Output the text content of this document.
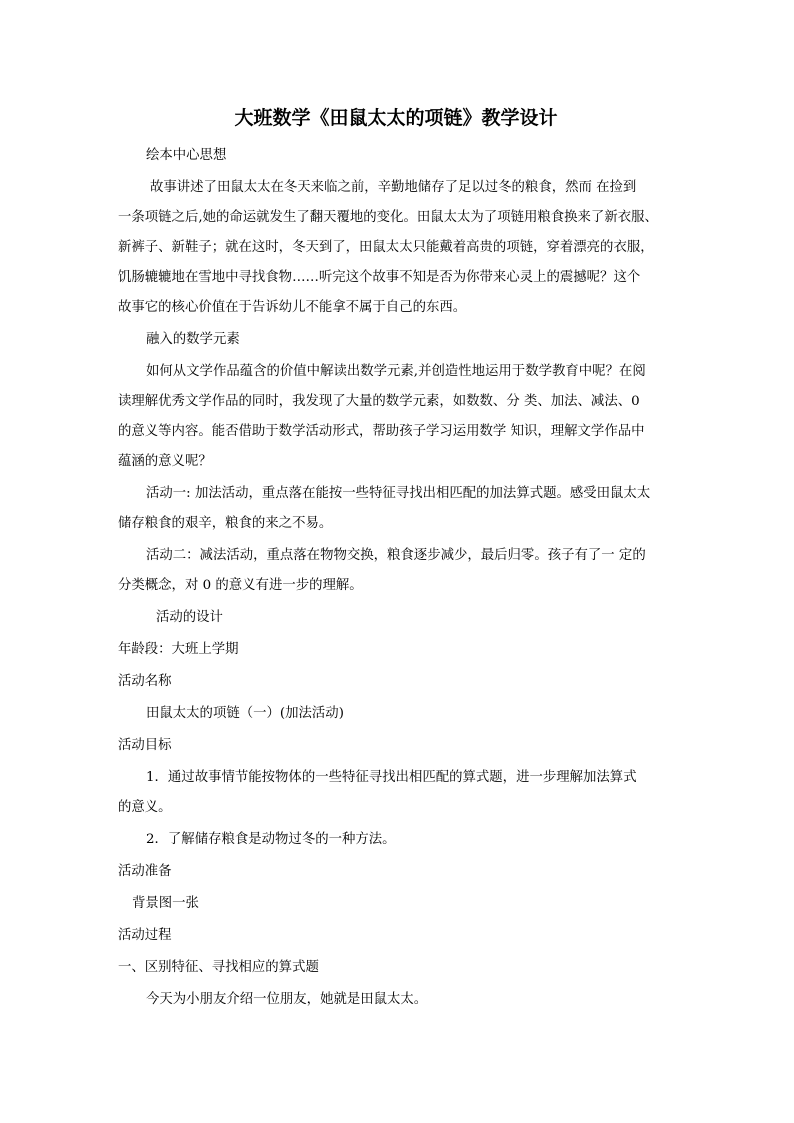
大班数学《田鼠太太的项链》教学设计
绘本中心思想
故事讲述了田鼠太太在冬天来临之前，辛勤地储存了足以过冬的粮食，然而 在捡到
一条项链之后,她的命运就发生了翻天覆地的变化。田鼠太太为了项链用粮食换来了新衣服、
新裤子、新鞋子；就在这时，冬天到了，田鼠太太只能戴着高贵的项链，穿着漂亮的衣服，
饥肠辘辘地在雪地中寻找食物……听完这个故事不知是否为你带来心灵上的震撼呢？这个
故事它的核心价值在于告诉幼儿不能拿不属于自己的东西。
融入的数学元素
如何从文学作品蕴含的价值中解读出数学元素,并创造性地运用于数学教育中呢？在阅
读理解优秀文学作品的同时，我发现了大量的数学元素，如数数、分 类、加法、减法、0
的意义等内容。能否借助于数学活动形式，帮助孩子学习运用数学 知识，理解文学作品中
蕴涵的意义呢？
活动一: 加法活动，重点落在能按一些特征寻找出相匹配的加法算式题。感受田鼠太太
储存粮食的艰辛，粮食的来之不易。
活动二：减法活动，重点落在物物交换，粮食逐步减少，最后归零。孩子有了一 定的
分类概念，对 0 的意义有进一步的理解。
活动的设计
年龄段：大班上学期
活动名称
田鼠太太的项链（一）(加法活动)
活动目标
1．通过故事情节能按物体的一些特征寻找出相匹配的算式题，进一步理解加法算式
的意义。
2．了解储存粮食是动物过冬的一种方法。
活动准备
背景图一张
活动过程
一、区别特征、寻找相应的算式题
今天为小朋友介绍一位朋友，她就是田鼠太太。
